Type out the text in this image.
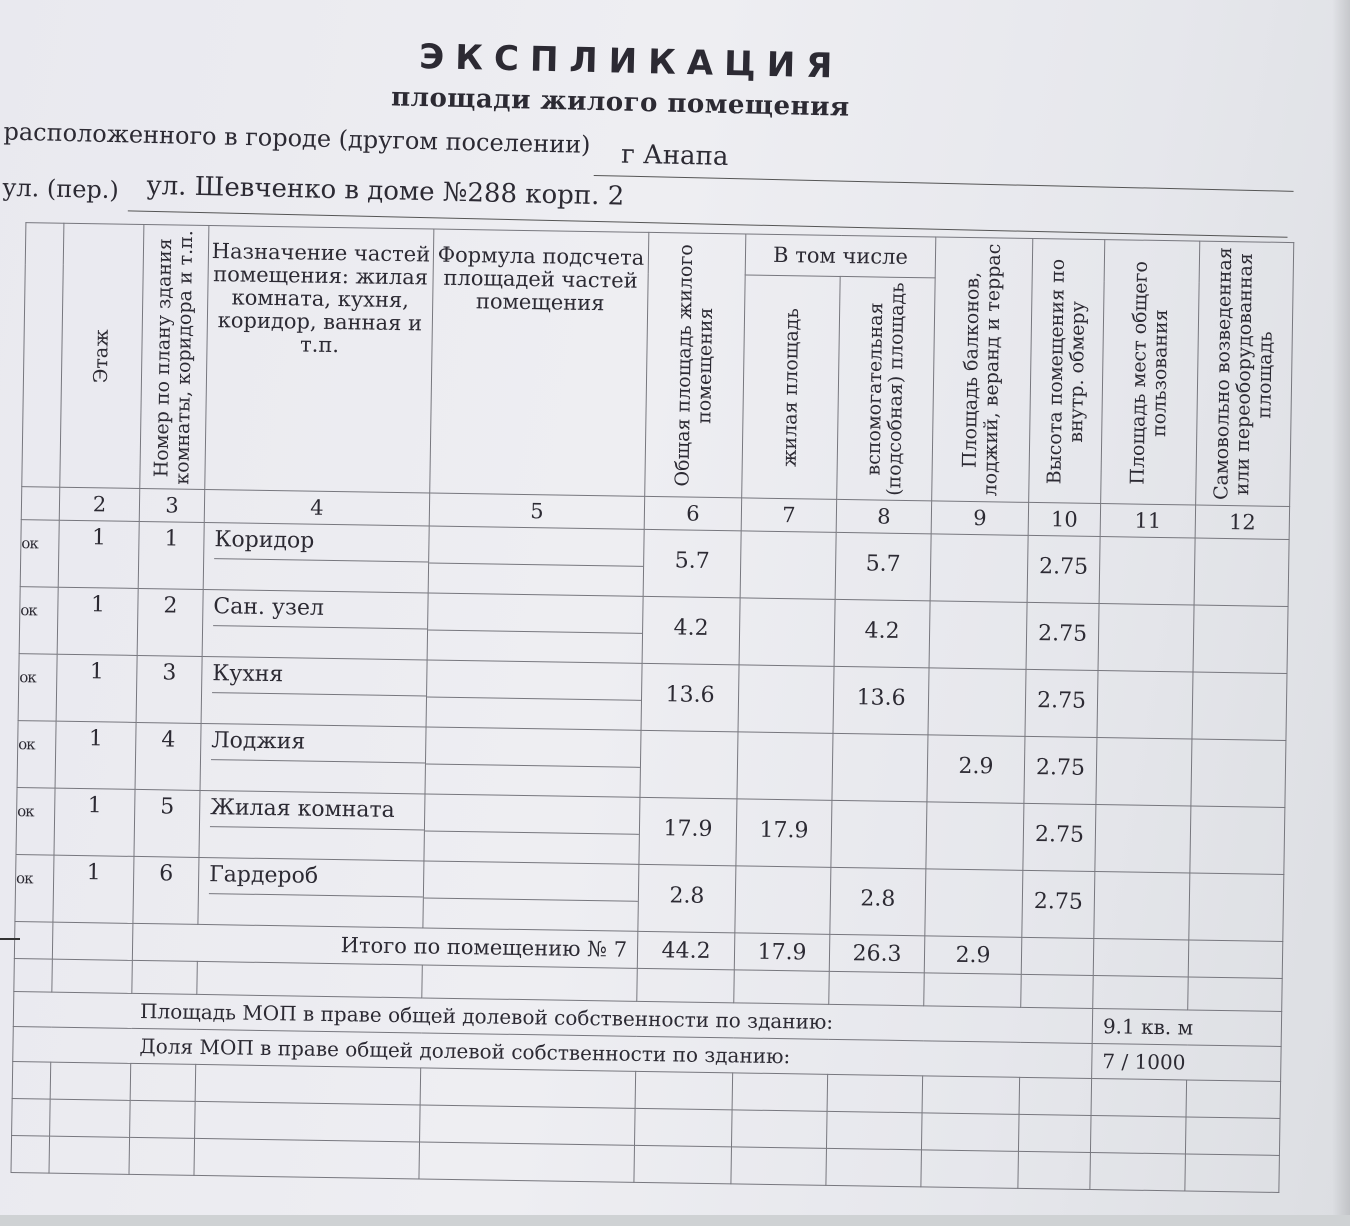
ЭКСПЛИКАЦИЯ
площади жилого помещения
расположенного в городе (другом поселении) г Анапа
ул. (пер.) ул. Шевченко в доме №288 корп. 2

	Этаж	Номер по плану здания комнаты, коридора и т.п.	Назначение частей помещения: жилая комната, кухня, коридор, ванная и т.п.	Формула подсчета площадей частей помещения	Общая площадь жилого помещения	В том числе		Площадь балконов, лоджий, веранд и террас	Высота помещения по внутр. обмеру	Площадь мест общего пользования	Самовольно возведенная или переоборудованная площадь

						жилая площадь	вспомогательная (подсобная) площадь				

	2	3	4	5	6	7	8	9	10	11	12

ок	1	1	Коридор		5.7		5.7		2.75		

ок	1	2	Сан. узел		4.2		4.2		2.75		

ок	1	3	Кухня		13.6		13.6		2.75		

ок	1	4	Лоджия					2.9	2.75		

ок	1	5	Жилая комната		17.9	17.9			2.75		

ок	1	6	Гардероб		2.8		2.8		2.75		

		Итого по помещению № 7			44.2	17.9	26.3	2.9			

Площадь МОП в праве общей долевой собственности по зданию:										9.1 кв. м	
Доля МОП в праве общей долевой собственности по зданию:										7 / 1000	
